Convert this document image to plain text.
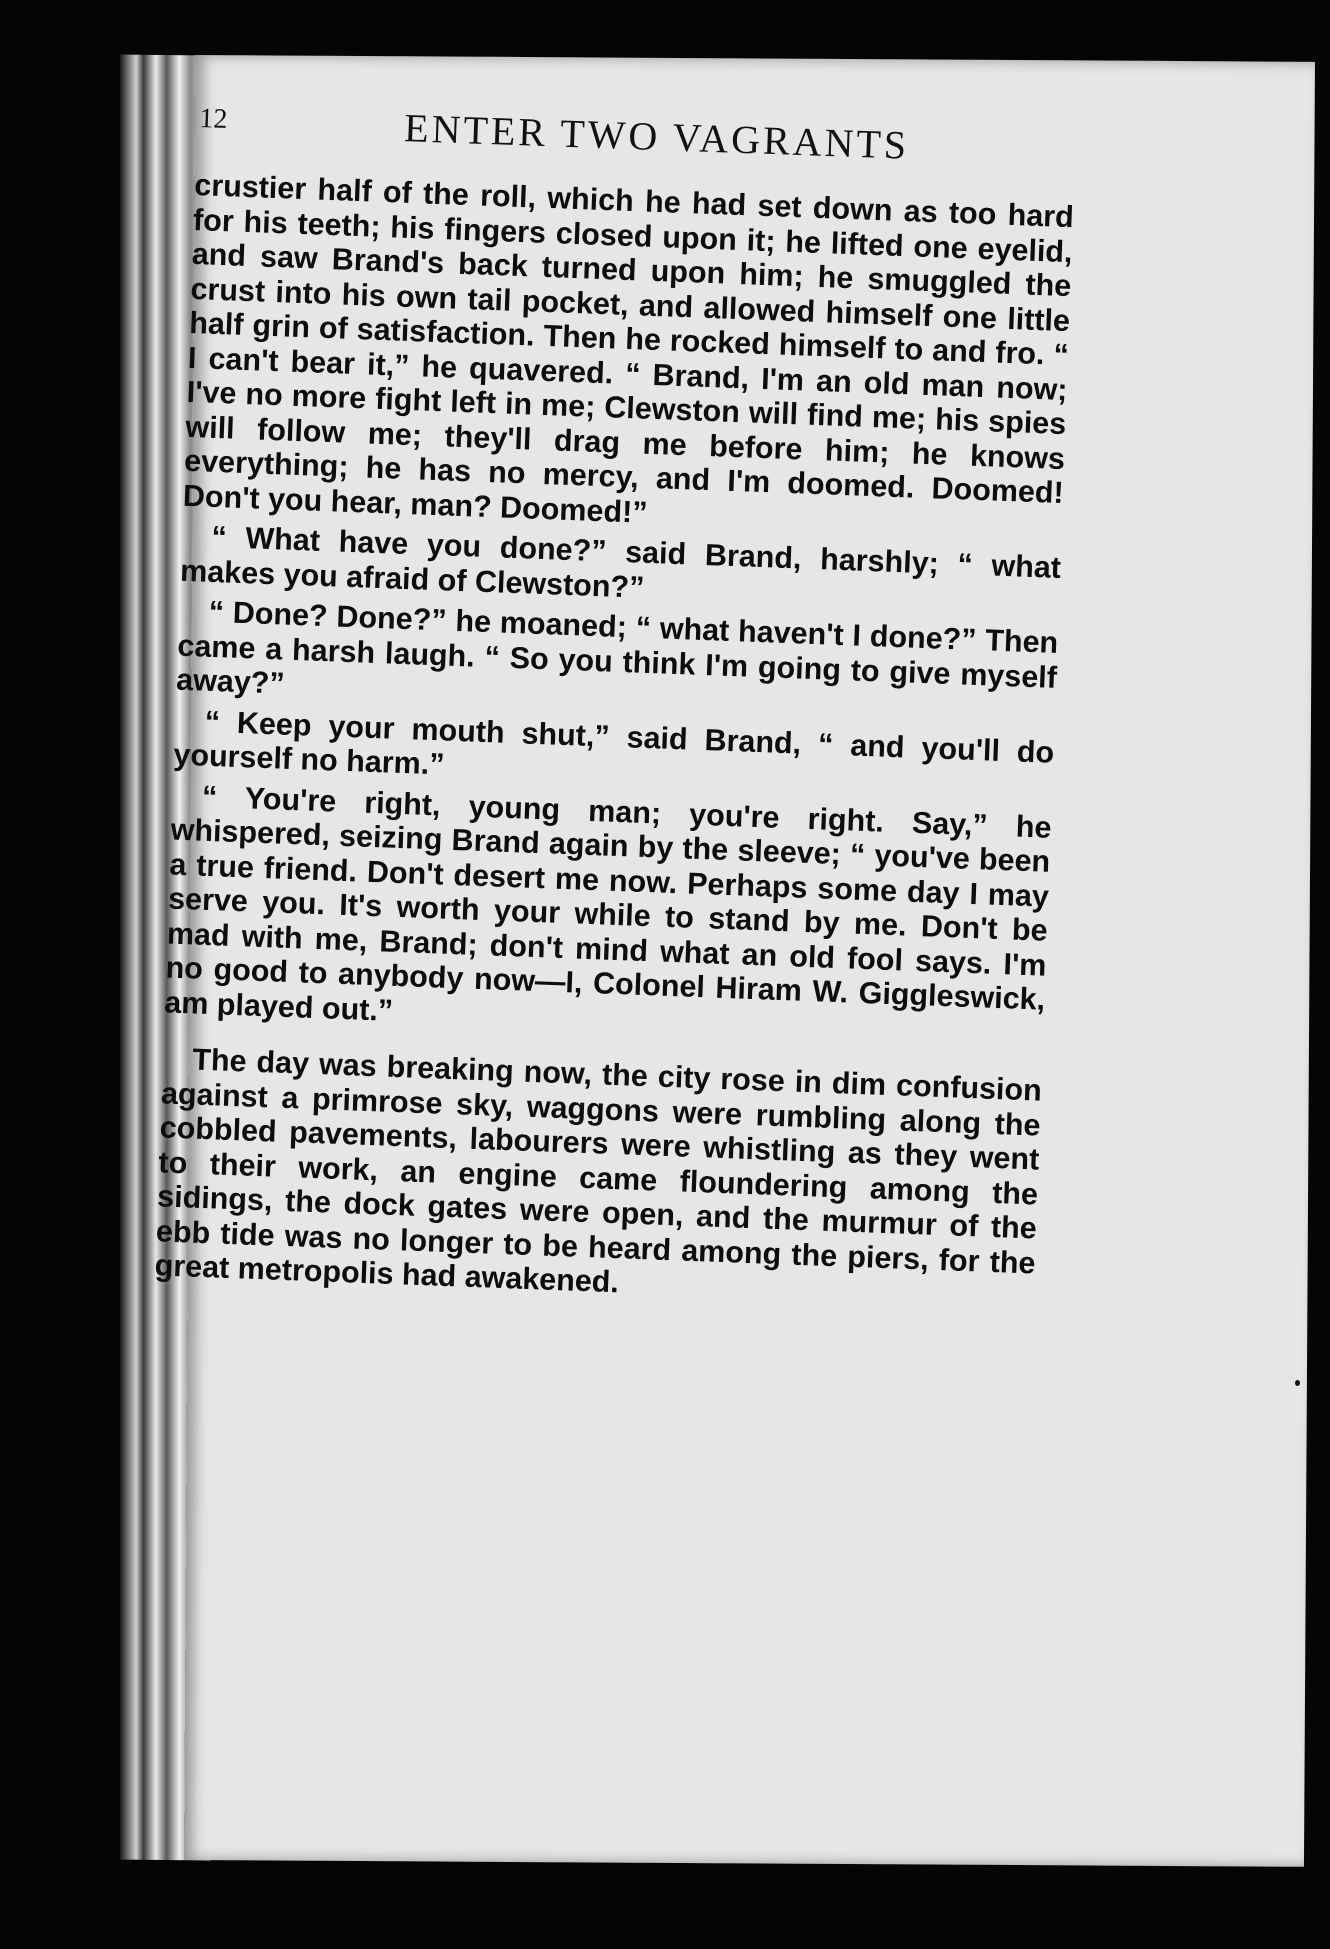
12	ENTER TWO VAGRANTS

crustier half of the roll, which he had set down as too hard for his teeth; his fingers closed upon it; he lifted one eyelid, and saw Brand's back turned upon him; he smuggled the crust into his own tail pocket, and allowed himself one little half grin of satisfaction. Then he rocked himself to and fro. “ I can't bear it,” he quavered. “ Brand, I'm an old man now; I've no more fight left in me; Clewston will find me; his spies will follow me; they'll drag me before him; he knows everything; he has no mercy, and I'm doomed. Doomed! Don't you hear, man? Doomed!”

“ What have you done?” said Brand, harshly; “ what makes you afraid of Clewston?”

“ Done? Done?” he moaned; “ what haven't I done?” Then came a harsh laugh. “ So you think I'm going to give myself away?”

“ Keep your mouth shut,” said Brand, “ and you'll do yourself no harm.”

“ You're right, young man; you're right. Say,” he whispered, seizing Brand again by the sleeve; “ you've been a true friend. Don't desert me now. Perhaps some day I may serve you. It's worth your while to stand by me. Don't be mad with me, Brand; don't mind what an old fool says. I'm no good to anybody now—I, Colonel Hiram W. Giggleswick, am played out.”

The day was breaking now, the city rose in dim confusion against a primrose sky, waggons were rumbling along the cobbled pavements, labourers were whistling as they went to their work, an engine came floundering among the sidings, the dock gates were open, and the murmur of the ebb tide was no longer to be heard among the piers, for the great metropolis had awakened.
